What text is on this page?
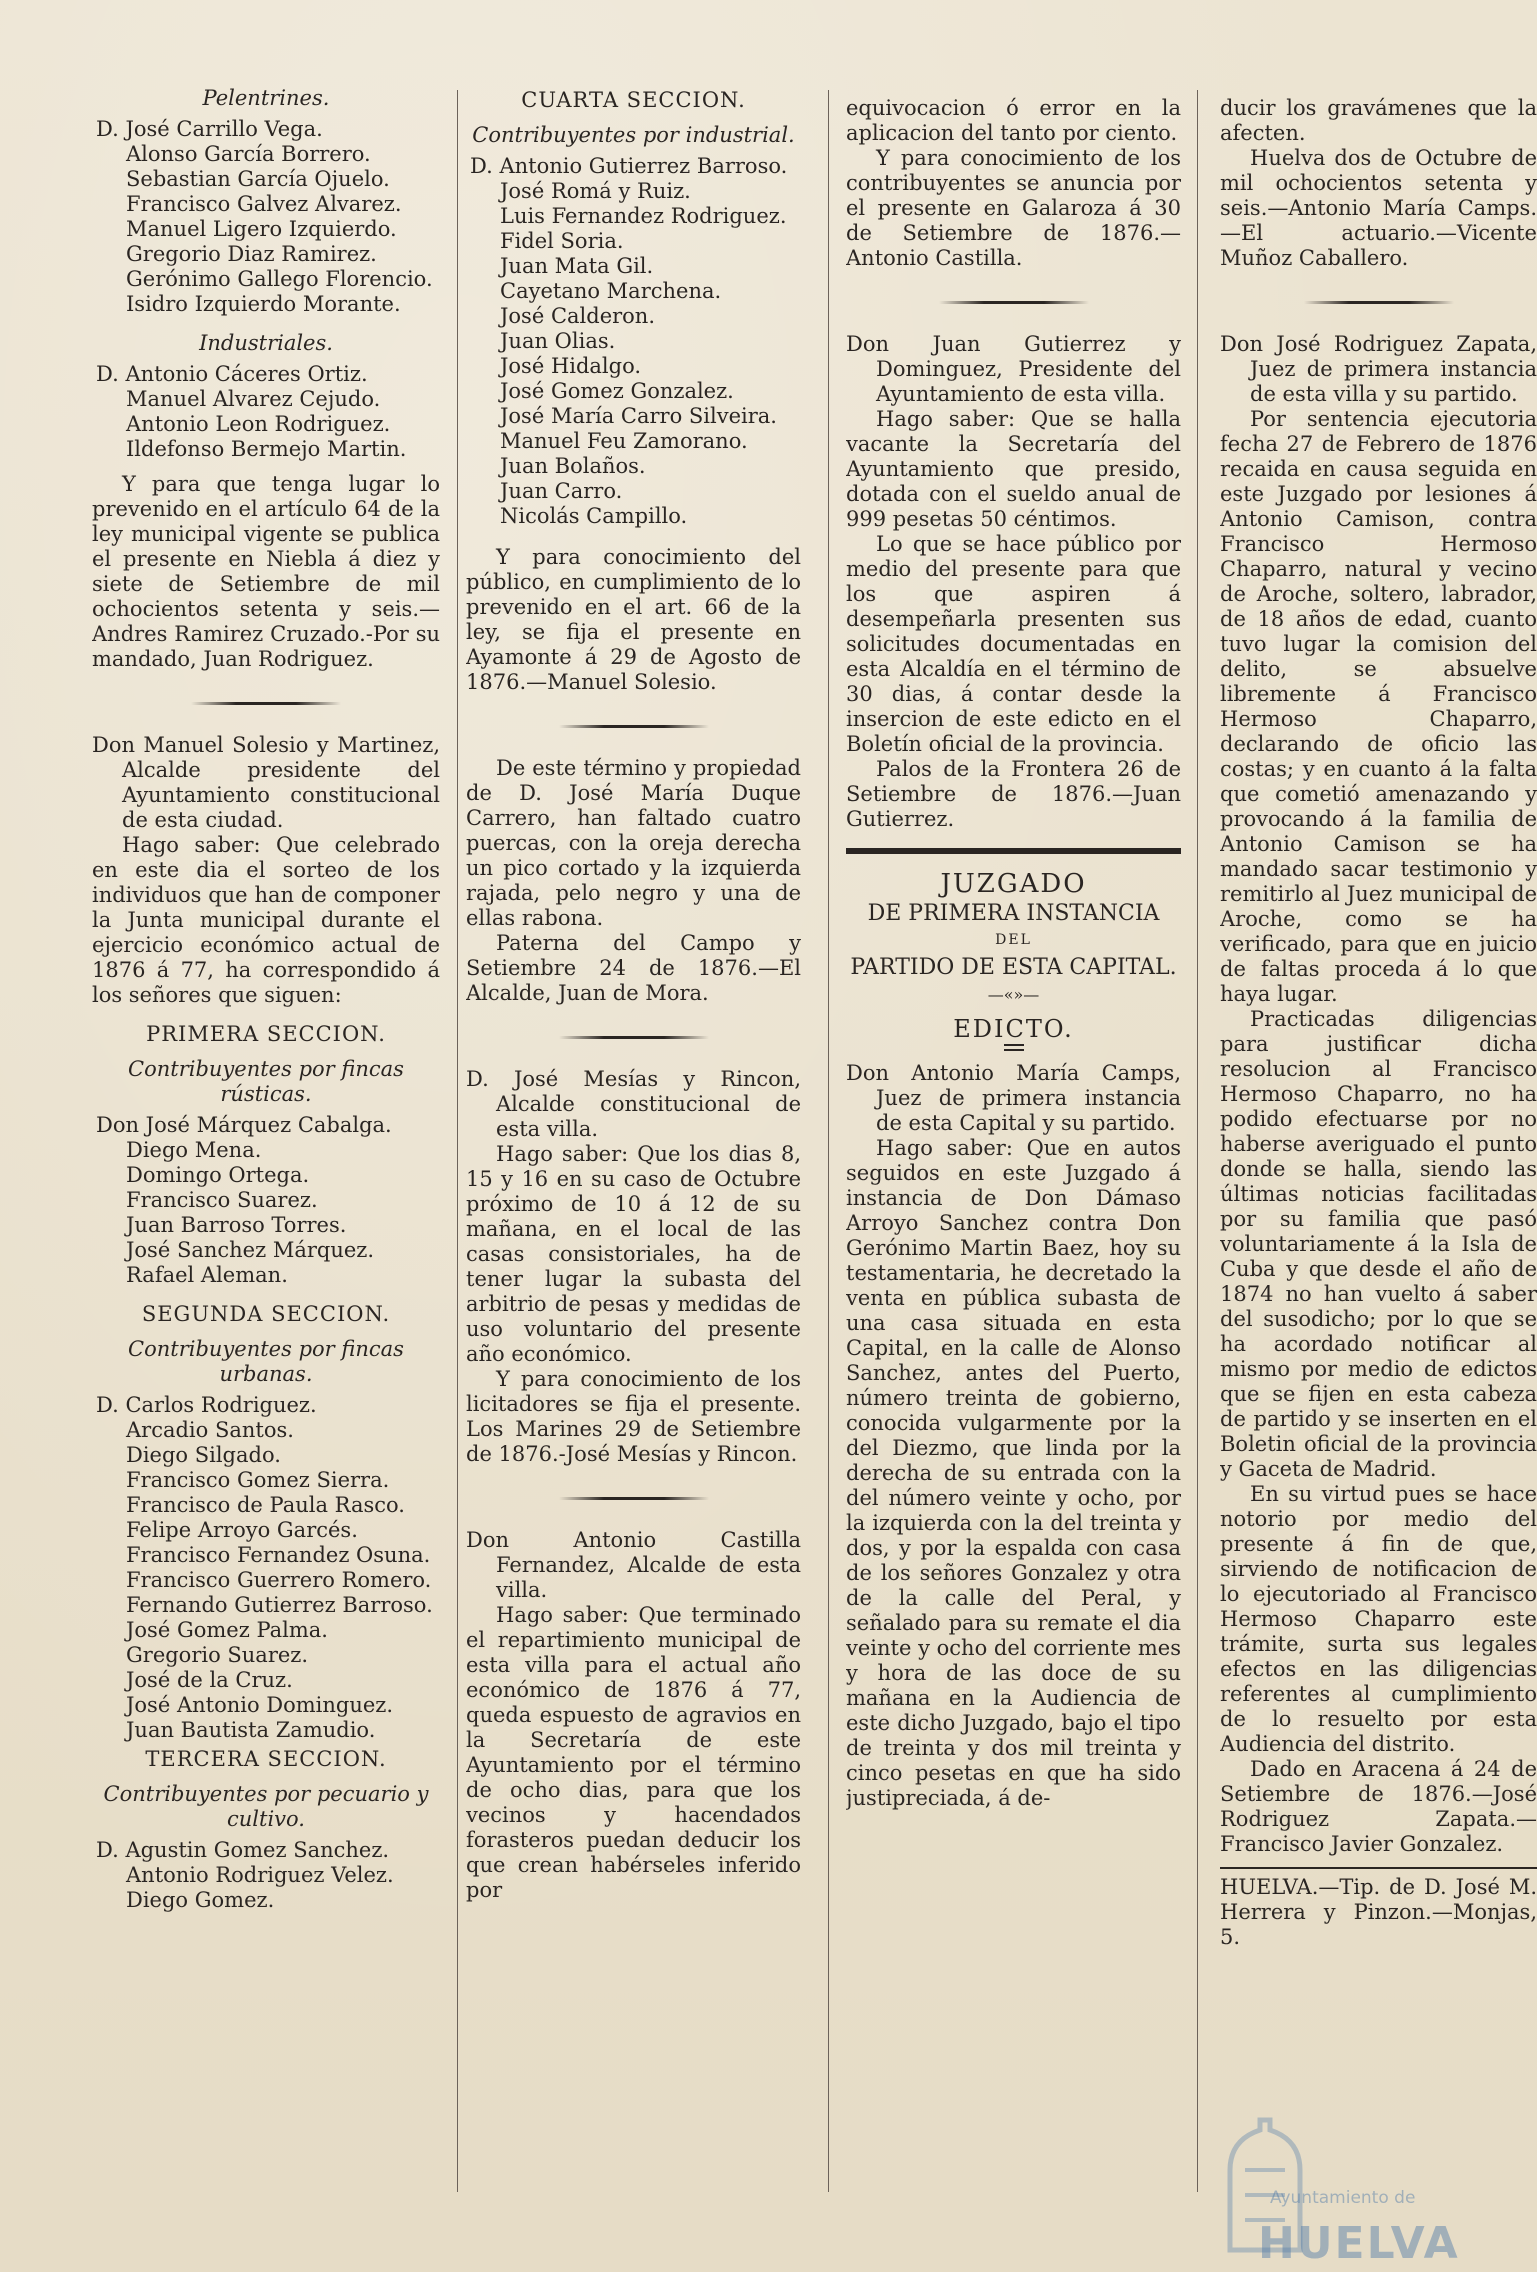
Pelentrines.
D. José Carrillo Vega.
Alonso García Borrero.
Sebastian García Ojuelo.
Francisco Galvez Alvarez.
Manuel Ligero Izquierdo.
Gregorio Diaz Ramirez.
Gerónimo Gallego Florencio.
Isidro Izquierdo Morante.
Industriales.
D. Antonio Cáceres Ortiz.
Manuel Alvarez Cejudo.
Antonio Leon Rodriguez.
Ildefonso Bermejo Martin.

Y para que tenga lugar lo prevenido en el artículo 64 de la ley municipal vigente se publica el presente en Niebla á diez y siete de Setiembre de mil ochocientos setenta y seis.—Andres Ramirez Cruzado.-Por su mandado, Juan Rodriguez.

Don Manuel Solesio y Martinez, Alcalde presidente del Ayuntamiento constitucional de esta ciudad.

Hago saber: Que celebrado en este dia el sorteo de los individuos que han de componer la Junta municipal durante el ejercicio económico actual de 1876 á 77, ha correspondido á los señores que siguen:

PRIMERA SECCION.
Contribuyentes por fincas rústicas.
Don José Márquez Cabalga.
Diego Mena.
Domingo Ortega.
Francisco Suarez.
Juan Barroso Torres.
José Sanchez Márquez.
Rafael Aleman.
SEGUNDA SECCION.
Contribuyentes por fincas urbanas.
D. Carlos Rodriguez.
Arcadio Santos.
Diego Silgado.
Francisco Gomez Sierra.
Francisco de Paula Rasco.
Felipe Arroyo Garcés.
Francisco Fernandez Osuna.
Francisco Guerrero Romero.
Fernando Gutierrez Barroso.
José Gomez Palma.
Gregorio Suarez.
José de la Cruz.
José Antonio Dominguez.
Juan Bautista Zamudio.
TERCERA SECCION.
Contribuyentes por pecuario y cultivo.
D. Agustin Gomez Sanchez.
Antonio Rodriguez Velez.
Diego Gomez.
CUARTA SECCION.
Contribuyentes por industrial.
D. Antonio Gutierrez Barroso.
José Romá y Ruiz.
Luis Fernandez Rodriguez.
Fidel Soria.
Juan Mata Gil.
Cayetano Marchena.
José Calderon.
Juan Olias.
José Hidalgo.
José Gomez Gonzalez.
José María Carro Silveira.
Manuel Feu Zamorano.
Juan Bolaños.
Juan Carro.
Nicolás Campillo.

Y para conocimiento del público, en cumplimiento de lo prevenido en el art. 66 de la ley, se fija el presente en Ayamonte á 29 de Agosto de 1876.—Manuel Solesio.

De este término y propiedad de D. José María Duque Carrero, han faltado cuatro puercas, con la oreja derecha un pico cortado y la izquierda rajada, pelo negro y una de ellas rabona.

Paterna del Campo y Setiembre 24 de 1876.—El Alcalde, Juan de Mora.

D. José Mesías y Rincon, Alcalde constitucional de esta villa.

Hago saber: Que los dias 8, 15 y 16 en su caso de Octubre próximo de 10 á 12 de su mañana, en el local de las casas consistoriales, ha de tener lugar la subasta del arbitrio de pesas y medidas de uso voluntario del presente año económico.

Y para conocimiento de los licitadores se fija el presente. Los Marines 29 de Setiembre de 1876.-José Mesías y Rincon.

Don Antonio Castilla Fernandez, Alcalde de esta villa.

Hago saber: Que terminado el repartimiento municipal de esta villa para el actual año económico de 1876 á 77, queda espuesto de agravios en la Secretaría de este Ayuntamiento por el término de ocho dias, para que los vecinos y hacendados forasteros puedan deducir los que crean habérseles inferido por

equivocacion ó error en la aplicacion del tanto por ciento.

Y para conocimiento de los contribuyentes se anuncia por el presente en Galaroza á 30 de Setiembre de 1876.—Antonio Castilla.

Don Juan Gutierrez y Dominguez, Presidente del Ayuntamiento de esta villa.

Hago saber: Que se halla vacante la Secretaría del Ayuntamiento que presido, dotada con el sueldo anual de 999 pesetas 50 céntimos.

Lo que se hace público por medio del presente para que los que aspiren á desempeñarla presenten sus solicitudes documentadas en esta Alcaldía en el término de 30 dias, á contar desde la insercion de este edicto en el Boletín oficial de la provincia.

Palos de la Frontera 26 de Setiembre de 1876.—Juan Gutierrez.

JUZGADO
DE PRIMERA INSTANCIA
DEL
PARTIDO DE ESTA CAPITAL.
—«»—
EDICTO.

Don Antonio María Camps, Juez de primera instancia de esta Capital y su partido.

Hago saber: Que en autos seguidos en este Juzgado á instancia de Don Dámaso Arroyo Sanchez contra Don Gerónimo Martin Baez, hoy su testamentaria, he decretado la venta en pública subasta de una casa situada en esta Capital, en la calle de Alonso Sanchez, antes del Puerto, número treinta de gobierno, conocida vulgarmente por la del Diezmo, que linda por la derecha de su entrada con la del número veinte y ocho, por la izquierda con la del treinta y dos, y por la espalda con casa de los señores Gonzalez y otra de la calle del Peral, y señalado para su remate el dia veinte y ocho del corriente mes y hora de las doce de su mañana en la Audiencia de este dicho Juzgado, bajo el tipo de treinta y dos mil treinta y cinco pesetas en que ha sido justipreciada, á de-

ducir los gravámenes que la afecten.

Huelva dos de Octubre de mil ochocientos setenta y seis.—Antonio María Camps.—El actuario.—Vicente Muñoz Caballero.

Don José Rodriguez Zapata, Juez de primera instancia de esta villa y su partido.

Por sentencia ejecutoria fecha 27 de Febrero de 1876 recaida en causa seguida en este Juzgado por lesiones á Antonio Camison, contra Francisco Hermoso Chaparro, natural y vecino de Aroche, soltero, labrador, de 18 años de edad, cuanto tuvo lugar la comision del delito, se absuelve libremente á Francisco Hermoso Chaparro, declarando de oficio las costas; y en cuanto á la falta que cometió amenazando y provocando á la familia de Antonio Camison se ha mandado sacar testimonio y remitirlo al Juez municipal de Aroche, como se ha verificado, para que en juicio de faltas proceda á lo que haya lugar.

Practicadas diligencias para justificar dicha resolucion al Francisco Hermoso Chaparro, no ha podido efectuarse por no haberse averiguado el punto donde se halla, siendo las últimas noticias facilitadas por su familia que pasó voluntariamente á la Isla de Cuba y que desde el año de 1874 no han vuelto á saber del susodicho; por lo que se ha acordado notificar al mismo por medio de edictos que se fijen en esta cabeza de partido y se inserten en el Boletin oficial de la provincia y Gaceta de Madrid.

En su virtud pues se hace notorio por medio del presente á fin de que, sirviendo de notificacion de lo ejecutoriado al Francisco Hermoso Chaparro este trámite, surta sus legales efectos en las diligencias referentes al cumplimiento de lo resuelto por esta Audiencia del distrito.

Dado en Aracena á 24 de Setiembre de 1876.—José Rodriguez Zapata.—Francisco Javier Gonzalez.

HUELVA.—Tip. de D. José M. Herrera y Pinzon.—Monjas, 5.

Ayuntamiento de
HUELVA
